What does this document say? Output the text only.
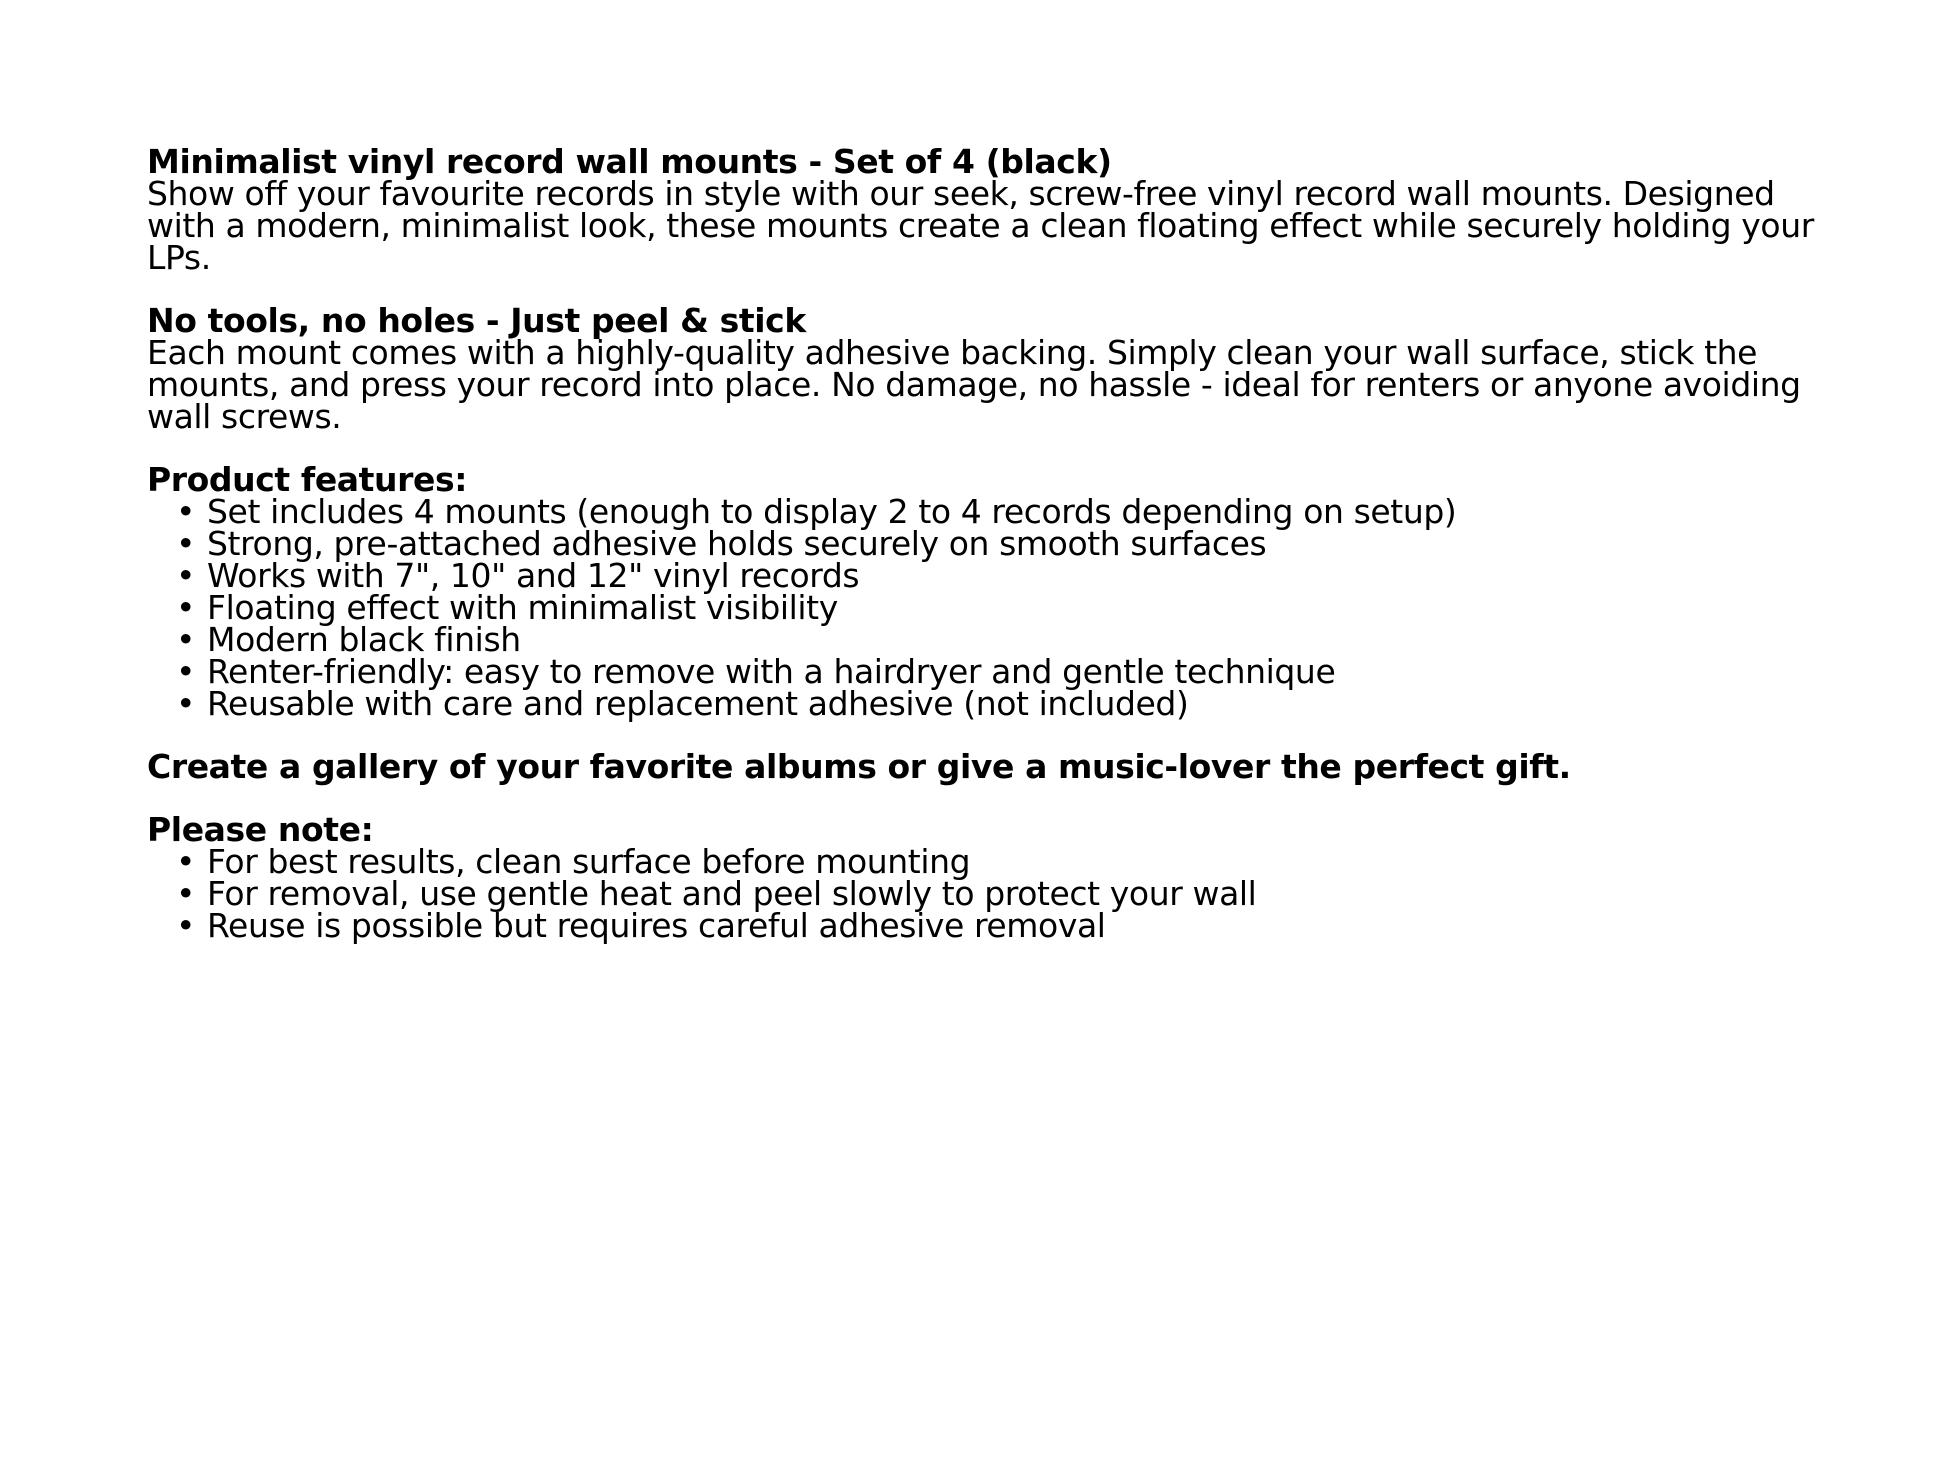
Minimalist vinyl record wall mounts - Set of 4 (black)

Show off your favourite records in style with our seek, screw-free vinyl record wall mounts. Designed with a modern, minimalist look, these mounts create a clean floating effect while securely holding your LPs.

No tools, no holes - Just peel & stick

Each mount comes with a highly-quality adhesive backing. Simply clean your wall surface, stick the mounts, and press your record into place. No damage, no hassle - ideal for renters or anyone avoiding wall screws.

Product features:

• Set includes 4 mounts (enough to display 2 to 4 records depending on setup)
• Strong, pre-attached adhesive holds securely on smooth surfaces
• Works with 7", 10" and 12" vinyl records
• Floating effect with minimalist visibility
• Modern black finish
• Renter-friendly: easy to remove with a hairdryer and gentle technique
• Reusable with care and replacement adhesive (not included)

Create a gallery of your favorite albums or give a music-lover the perfect gift.

Please note:

• For best results, clean surface before mounting
• For removal, use gentle heat and peel slowly to protect your wall
• Reuse is possible but requires careful adhesive removal
